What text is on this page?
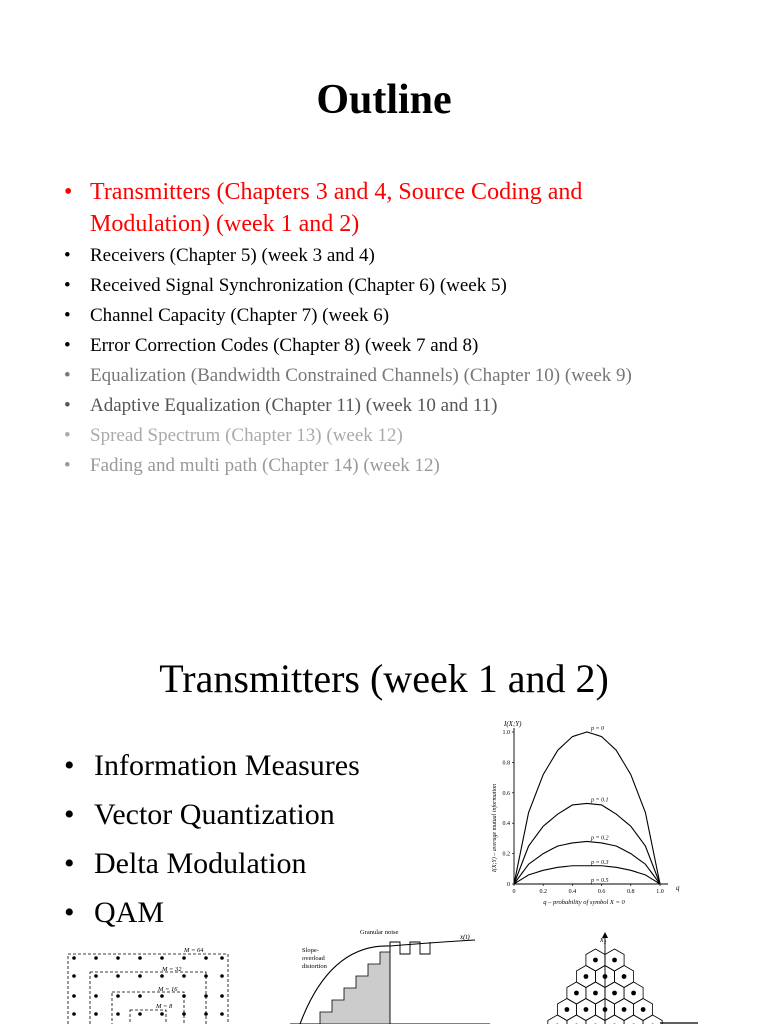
Outline
• Transmitters (Chapters 3 and 4, Source Coding and Modulation) (week 1 and 2)
• Receivers (Chapter 5) (week 3 and 4)
• Received Signal Synchronization (Chapter 6) (week 5)
• Channel Capacity (Chapter 7) (week 6)
• Error Correction Codes (Chapter 8) (week 7 and 8)
• Equalization (Bandwidth Constrained Channels) (Chapter 10) (week 9)
• Adaptive Equalization (Chapter 11) (week 10 and 11)
• Spread Spectrum (Chapter 13) (week 12)
• Fading and multi path (Chapter 14) (week 12)
Transmitters (week 1 and 2)
• Information Measures
• Vector Quantization
• Delta Modulation
• QAM
I(X;Y)
I(X;Y) – average mutual information
q – probability of symbol X = 0
q
0
0.2
0.4
0.6
0.8
1.0
0	0.2	0.4	0.6	0.8	1.0
p = 0
p = 0.1
p = 0.2
p = 0.3
p = 0.5
M = 64
M = 32
M = 16
M = 8
Granular noise
x(t)
Slope-
overload
distortion
x₂
